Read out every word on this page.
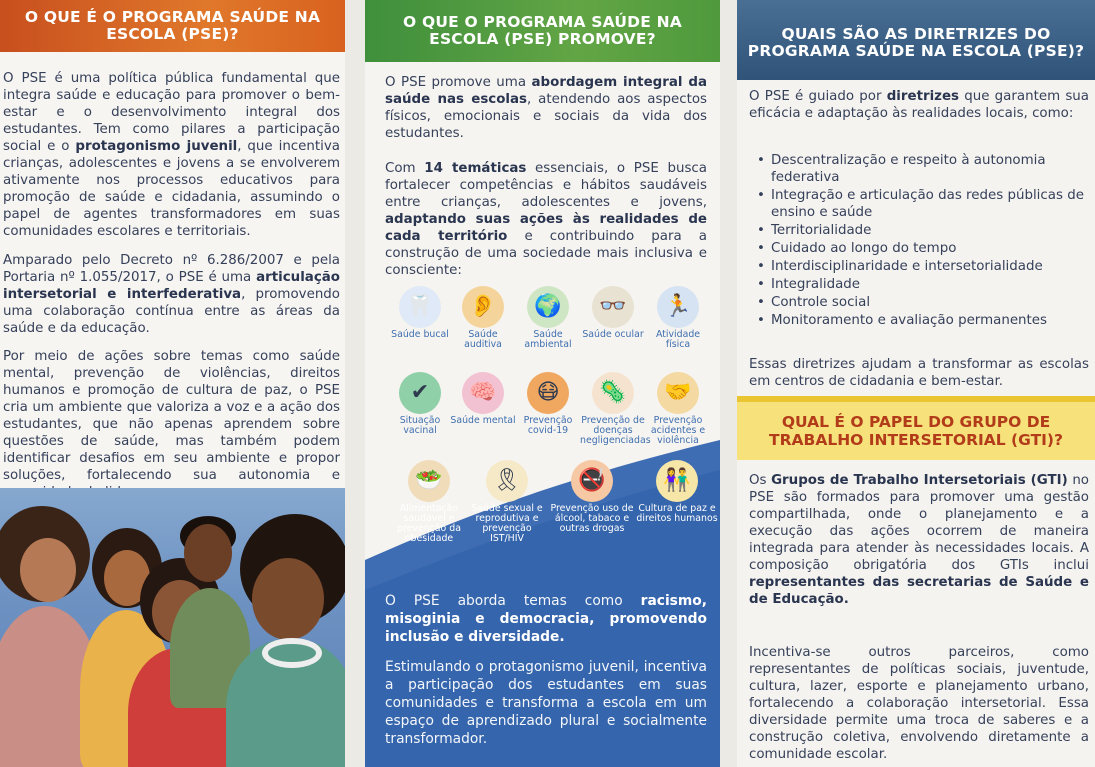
O QUE É O PROGRAMA SAÚDE NA ESCOLA (PSE)?
O PSE é uma política pública fundamental que integra saúde e educação para promover o bem-estar e o desenvolvimento integral dos estudantes. Tem como pilares a participação social e o protagonismo juvenil, que incentiva crianças, adolescentes e jovens a se envolverem ativamente nos processos educativos para promoção de saúde e cidadania, assumindo o papel de agentes transformadores em suas comunidades escolares e territoriais.
Amparado pelo Decreto nº 6.286/2007 e pela Portaria nº 1.055/2017, o PSE é uma articulação intersetorial e interfederativa, promovendo uma colaboração contínua entre as áreas da saúde e da educação.
Por meio de ações sobre temas como saúde mental, prevenção de violências, direitos humanos e promoção de cultura de paz, o PSE cria um ambiente que valoriza a voz e a ação dos estudantes, que não apenas aprendem sobre questões de saúde, mas também podem identificar desafios em seu ambiente e propor soluções, fortalecendo sua autonomia e
O QUE O PROGRAMA SAÚDE NA ESCOLA (PSE) PROMOVE?
O PSE promove uma abordagem integral da saúde nas escolas, atendendo aos aspectos físicos, emocionais e sociais da vida dos estudantes.
Com 14 temáticas essenciais, o PSE busca fortalecer competências e hábitos saudáveis entre crianças, adolescentes e jovens, adaptando suas ações às realidades de cada território e contribuindo para a construção de uma sociedade mais inclusiva e consciente:
O PSE aborda temas como racismo, misoginia e democracia, promovendo inclusão e diversidade.
Estimulando o protagonismo juvenil, incentiva a participação dos estudantes em suas comunidades e transforma a escola em um espaço de aprendizado plural e socialmente transformador.
🦷
Saúde bucal
👂
Saúde auditiva
🌍
Saúde ambiental
👓
Saúde ocular
🏃
Atividade física
✔
Situação vacinal
🧠
Saúde mental
😷
Prevenção covid-19
🦠
Prevenção de doenças negligenciadas
🤝
Prevenção acidentes e violência
🥗
Alimentação saudável e prevenção da obesidade
🎗
Saúde sexual e reprodutiva e prevenção IST/HIV
🚭
Prevenção uso de álcool, tabaco e outras drogas
👫
Cultura de paz e direitos humanos
QUAIS SÃO AS DIRETRIZES DO PROGRAMA SAÚDE NA ESCOLA (PSE)?
O PSE é guiado por diretrizes que garantem sua eficácia e adaptação às realidades locais, como:
• Descentralização e respeito à autonomia federativa
• Integração e articulação das redes públicas de ensino e saúde
• Territorialidade
• Cuidado ao longo do tempo
• Interdisciplinaridade e intersetorialidade
• Integralidade
• Controle social
• Monitoramento e avaliação permanentes
Essas diretrizes ajudam a transformar as escolas em centros de cidadania e bem-estar.
QUAL É O PAPEL DO GRUPO DE TRABALHO INTERSETORIAL (GTI)?
Os Grupos de Trabalho Intersetoriais (GTI) no PSE são formados para promover uma gestão compartilhada, onde o planejamento e a execução das ações ocorrem de maneira integrada para atender às necessidades locais. A composição obrigatória dos GTIs inclui representantes das secretarias de Saúde e de Educação.
Incentiva-se outros parceiros, como representantes de políticas sociais, juventude, cultura, lazer, esporte e planejamento urbano, fortalecendo a colaboração intersetorial. Essa diversidade permite uma troca de saberes e a construção coletiva, envolvendo diretamente a comunidade escolar.
